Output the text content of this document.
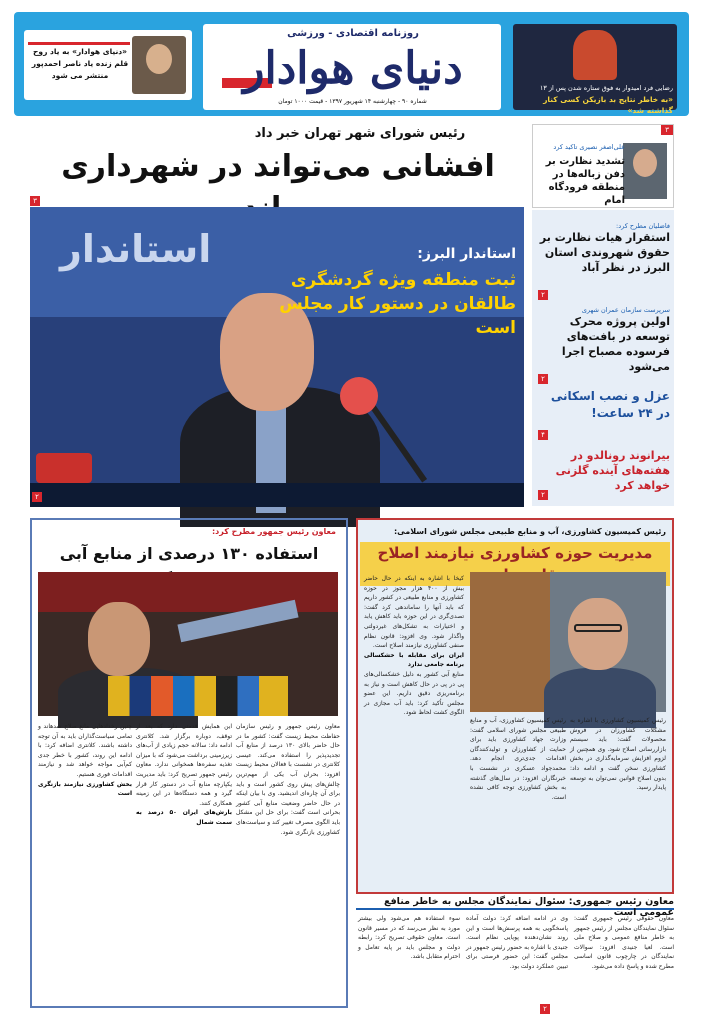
«دنیای هوادار» به یاد روح قلم زنده یاد ناصر احمدپور منتشر می شود
روزنامه اقتصادی - ورزشی
دنیای هوادار
شماره ۹۰ - چهارشنبه ۱۴ شهریور ۱۳۹۷ - قیمت ۱۰۰۰ تومان
رضایی فرد امیدوار به فوق ستاره شدن پس از ۱۳
«به خاطر نتایج بد بازیکن کسی کنار گذاشته شد»
رئیس شورای شهر تهران خبر داد
افشانی می‌تواند در شهرداری
۳
استاندار	استاندار البرز:
ثبت منطقه ویژه گردشگری طالقان در دستور کار مجلس است
۲
۳
علی‌اصغر نصیری تاکید کرد
تشدید نظارت بر دفن زباله‌ها در منطقه فرودگاه امام
فاضلیان مطرح کرد:
استقرار هیات نظارت بر حقوق شهروندی استان البرز در نظر آباد
۲
سرپرست سازمان عمران شهری
اولین پروژه محرک توسعه در بافت‌های فرسوده مصباح اجرا می‌شود
۲
عزل و نصب اسکانی در ۲۴ ساعت!
۴
بیرانوند رونالدو در هفته‌های آینده گلزنی خواهد کرد
۲
معاون رئیس جمهور مطرح کرد:
استفاده ۱۳۰ درصدی از منابع آبی
معاون رئیس جمهور و رئیس سازمان حفاظت محیط زیست گفت: کشور ما در حال حاضر بالای ۱۳۰ درصد از منابع آب تجدیدپذیر را استفاده می‌کند. عیسی کلانتری در نشست با فعالان محیط زیست افزود: بحران آب یکی از مهم‌ترین چالش‌های پیش روی کشور است و باید برای آن چاره‌ای اندیشید. وی با بیان اینکه در حال حاضر وضعیت منابع آبی کشور بحرانی است گفت: برای حل این مشکل باید الگوی مصرف تغییر کند و سیاست‌های کشاورزی بازنگری شود.
این همایش قدمتی دارد که بعد از توقف، دوباره برگزار شد. کلانتری ادامه داد: سالانه حجم زیادی از آب‌های زیرزمینی برداشت می‌شود که با میزان تغذیه سفره‌ها همخوانی ندارد. معاون رئیس جمهور تصریح کرد: باید مدیریت یکپارچه منابع آب در دستور کار قرار گیرد و همه دستگاه‌ها در این زمینه همکاری کنند.
بارش‌های ایران ۵۰ درصد به سمت شمال
چنین رخدادهایی مانع صلاح شدهاند و تمامی سیاست‌گذاران باید به آن توجه داشته باشند. کلانتری اضافه کرد: با ادامه این روند، کشور با خطر جدی کم‌آبی مواجه خواهد شد و نیازمند اقدامات فوری هستیم.
بخش کشاورزی نیازمند بازنگری است
رئیس کمیسیون کشاورزی، آب و منابع طبیعی مجلس شورای اسلامی:
مدیریت حوزه کشاورزی نیازمند اصلاح
کیخا با اشاره به اینکه در حال حاضر بیش از ۴۰۰ هزار مجوز در حوزه کشاورزی و منابع طبیعی در کشور داریم که باید آنها را ساماندهی کرد گفت: تصدی‌گری در این حوزه باید کاهش یابد و اختیارات به تشکل‌های غیردولتی واگذار شود. وی افزود: قانون نظام صنفی کشاورزی نیازمند اصلاح است.
ایران برای مقابله با خشکسالی برنامه جامعی ندارد
منابع آبی کشور به دلیل خشکسالی‌های پی در پی در حال کاهش است و نیاز به برنامه‌ریزی دقیق داریم. این عضو مجلس تأکید کرد: باید آب مجازی در الگوی کشت لحاظ شود.
رئیس کمیسیون کشاورزی، آب و منابع طبیعی مجلس شورای اسلامی گفت: وزارت جهاد کشاورزی باید برای حمایت از کشاورزان و تولیدکنندگان اقدامات جدی‌تری انجام دهد. محمدجواد عسکری در نشست با خبرنگاران افزود: در سال‌های گذشته به بخش کشاورزی توجه کافی نشده است.
رئیس کمیسیون کشاورزی با اشاره به مشکلات کشاورزان در فروش محصولات گفت: باید سیستم بازاررسانی اصلاح شود. وی همچنین از لزوم افزایش سرمایه‌گذاری در بخش کشاورزی سخن گفت و ادامه داد: بدون اصلاح قوانین نمی‌توان به توسعه پایدار رسید.
معاون رئیس جمهوری: سئوال نمایندگان مجلس به خاطر منافع عمومی است
معاون حقوقی رئیس جمهوری گفت: سئوال نمایندگان مجلس از رئیس جمهور به خاطر منافع عمومی و صلاح ملی است. لعیا جنیدی افزود: سوالات نمایندگان در چارچوب قانون اساسی مطرح شده و پاسخ داده می‌شود.
وی در ادامه اضافه کرد: دولت آماده پاسخگویی به همه پرسش‌ها است و این روند نشان‌دهنده پویایی نظام است. جنیدی با اشاره به حضور رئیس جمهور در مجلس گفت: این حضور فرصتی برای تبیین عملکرد دولت بود.
سوء استفاده هم می‌شود ولی بیشتر مورد به نظر می‌رسد که در مسیر قانون است. معاون حقوقی تصریح کرد: رابطه دولت و مجلس باید بر پایه تعامل و احترام متقابل باشد.
۲
